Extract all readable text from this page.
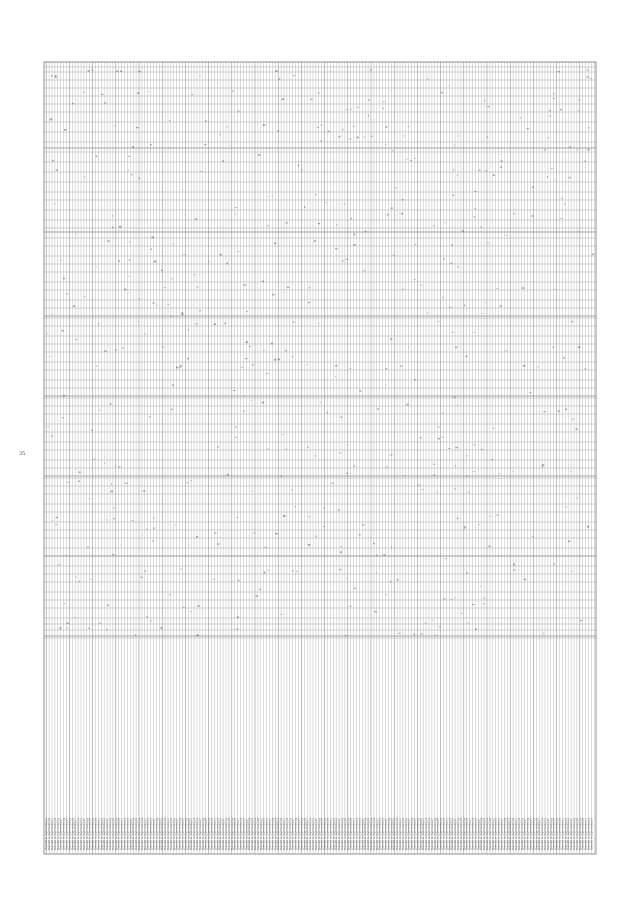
35
Tamnkit in (Symmetry) a Tamnkit in (Symmetry) b Tamnkit in (Symmetry) c Tamnkit in (Symmetry) d Tamnkit in (Symmetry) e Tamnkit in (Symmetry) f Tamnkit in (Symmetry) g Tamnkit in (Symmetry) h Tamnkit in (Symmetry) a Tamnkit in (Symmetry) b Tamnkit in (Symmetry) c Tamnkit in (Symmetry) d Tamnkit in (Symmetry) e Tamnkit in (Symmetry) f Tamnkit in (Symmetry) g Tamnkit in (Symmetry) h Tamnkit in (Symmetry) a Tamnkit in (Symmetry) b Tamnkit in (Symmetry) c Tamnkit in (Symmetry) d Tamnkit in (Symmetry) e Tamnkit in (Symmetry) f Tamnkit in (Symmetry) g Tamnkit in (Symmetry) h Tamnkit in (Symmetry) a Tamnkit in (Symmetry) b Tamnkit in (Symmetry) c Tamnkit in (Symmetry) d Tamnkit in (Symmetry) e Tamnkit in (Symmetry) f Tamnkit in (Symmetry) g Tamnkit in (Symmetry) h Tamnkit in (Symmetry) a Tamnkit in (Symmetry) b Tamnkit in (Symmetry) c Tamnkit in (Symmetry) d Tamnkit in (Symmetry) e Tamnkit in (Symmetry) f Tamnkit in (Symmetry) g Tamnkit in (Symmetry) h Tamnkit in (Symmetry) a Tamnkit in (Symmetry) b Tamnkit in (Symmetry) c Tamnkit in (Symmetry) d Tamnkit in (Symmetry) e Tamnkit in (Symmetry) f Tamnkit in (Symmetry) g Tamnkit in (Symmetry) h Tamnkit in (Symmetry) a Tamnkit in (Symmetry) b Tamnkit in (Symmetry) c Tamnkit in (Symmetry) d Tamnkit in (Symmetry) e Tamnkit in (Symmetry) f Tamnkit in (Symmetry) g Tamnkit in (Symmetry) h Tamnkit in (Symmetry) a Tamnkit in (Symmetry) b Tamnkit in (Symmetry) c Tamnkit in (Symmetry) d Tamnkit in (Symmetry) e Tamnkit in (Symmetry) f Tamnkit in (Symmetry) g Tamnkit in (Symmetry) h Tamnkit in (Symmetry) a Tamnkit in (Symmetry) b Tamnkit in (Symmetry) c Tamnkit in (Symmetry) d Tamnkit in (Symmetry) e Tamnkit in (Symmetry) f Tamnkit in (Symmetry) g Tamnkit in (Symmetry) h Tamnkit in (Symmetry) a Tamnkit in (Symmetry) b Tamnkit in (Symmetry) c Tamnkit in (Symmetry) d Tamnkit in (Symmetry) e Tamnkit in (Symmetry) f Tamnkit in (Symmetry) g Tamnkit in (Symmetry) h Tamnkit in (Symmetry) a Tamnkit in (Symmetry) b Tamnkit in (Symmetry) c Tamnkit in (Symmetry) d Tamnkit in (Symmetry) e Tamnkit in (Symmetry) f Tamnkit in (Symmetry) g Tamnkit in (Symmetry) h Tamnkit in (Symmetry) a Tamnkit in (Symmetry) b Tamnkit in (Symmetry) c Tamnkit in (Symmetry) d Tamnkit in (Symmetry) e Tamnkit in (Symmetry) f Tamnkit in (Symmetry) g Tamnkit in (Symmetry) h Tamnkit in (Symmetry) a Tamnkit in (Symmetry) b Tamnkit in (Symmetry) c Tamnkit in (Symmetry) d Tamnkit in (Symmetry) e Tamnkit in (Symmetry) f Tamnkit in (Symmetry) g Tamnkit in (Symmetry) h Tamnkit in (Symmetry) a Tamnkit in (Symmetry) b Tamnkit in (Symmetry) c Tamnkit in (Symmetry) d Tamnkit in (Symmetry) e Tamnkit in (Symmetry) f Tamnkit in (Symmetry) g Tamnkit in (Symmetry) h Tamnkit in (Symmetry) a Tamnkit in (Symmetry) b Tamnkit in (Symmetry) c Tamnkit in (Symmetry) d Tamnkit in (Symmetry) e Tamnkit in (Symmetry) f Tamnkit in (Symmetry) g Tamnkit in (Symmetry) h Tamnkit in (Symmetry) a Tamnkit in (Symmetry) b Tamnkit in (Symmetry) c Tamnkit in (Symmetry) d Tamnkit in (Symmetry) e Tamnkit in (Symmetry) f Tamnkit in (Symmetry) g Tamnkit in (Symmetry) h Tamnkit in (Symmetry) a Tamnkit in (Symmetry) b Tamnkit in (Symmetry) c Tamnkit in (Symmetry) d Tamnkit in (Symmetry) e Tamnkit in (Symmetry) f Tamnkit in (Symmetry) g Tamnkit in (Symmetry) h Tamnkit in (Symmetry) a Tamnkit in (Symmetry) b Tamnkit in (Symmetry) c Tamnkit in (Symmetry) d Tamnkit in (Symmetry) e Tamnkit in (Symmetry) f Tamnkit in (Symmetry) g Tamnkit in (Symmetry) h Tamnkit in (Symmetry) a Tamnkit in (Symmetry) b Tamnkit in (Symmetry) c Tamnkit in (Symmetry) d Tamnkit in (Symmetry) e Tamnkit in (Symmetry) f Tamnkit in (Symmetry) g Tamnkit in (Symmetry) h Tamnkit in (Symmetry) a Tamnkit in (Symmetry) b Tamnkit in (Symmetry) c Tamnkit in (Symmetry) d Tamnkit in (Symmetry) e Tamnkit in (Symmetry) f Tamnkit in (Symmetry) g Tamnkit in (Symmetry) h Tamnkit in (Symmetry) a Tamnkit in (Symmetry) b Tamnkit in (Symmetry) c Tamnkit in (Symmetry) d Tamnkit in (Symmetry) e Tamnkit in (Symmetry) f Tamnkit in (Symmetry) g Tamnkit in (Symmetry) h Tamnkit in (Symmetry) a Tamnkit in (Symmetry) b Tamnkit in (Symmetry) c Tamnkit in (Symmetry) d Tamnkit in (Symmetry) e Tamnkit in (Symmetry) f Tamnkit in (Symmetry) g Tamnkit in (Symmetry) h Tamnkit in (Symmetry) a Tamnkit in (Symmetry) b Tamnkit in (Symmetry) c Tamnkit in (Symmetry) d Tamnkit in (Symmetry) e Tamnkit in (Symmetry) f Tamnkit in (Symmetry) g Tamnkit in (Symmetry) h Tamnkit in (Symmetry) a Tamnkit in (Symmetry) b Tamnkit in (Symmetry) c Tamnkit in (Symmetry) d Tamnkit in (Symmetry) e
